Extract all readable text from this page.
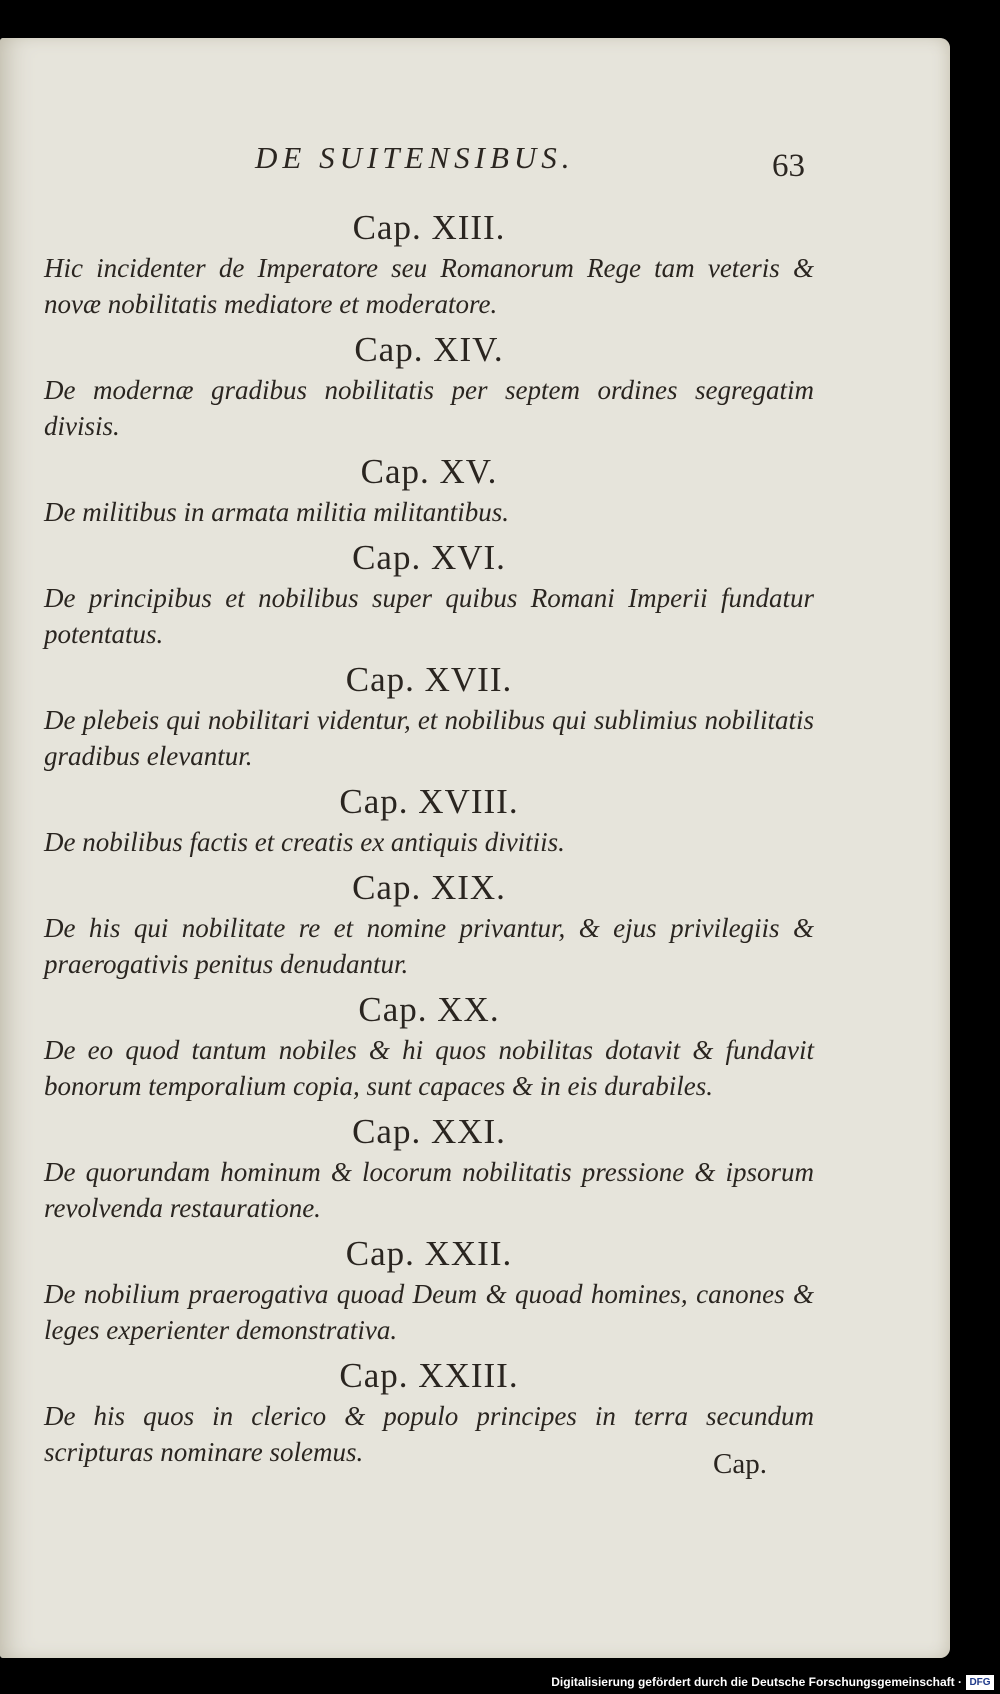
DE SUITENSIBUS.	63

Cap. XIII.

Hic incidenter de Imperatore seu Romanorum Rege tam veteris & novæ nobilitatis mediatore et moderatore.

Cap. XIV.

De modernæ gradibus nobilitatis per septem ordines segregatim divisis.

Cap. XV.

De militibus in armata militia militantibus.

Cap. XVI.

De principibus et nobilibus super quibus Romani Imperii fundatur potentatus.

Cap. XVII.

De plebeis qui nobilitari videntur, et nobilibus qui sublimius nobilitatis gradibus elevantur.

Cap. XVIII.

De nobilibus factis et creatis ex antiquis divitiis.

Cap. XIX.

De his qui nobilitate re et nomine privantur, & ejus privilegiis & praerogativis penitus denudantur.

Cap. XX.

De eo quod tantum nobiles & hi quos nobilitas dotavit & fundavit bonorum temporalium copia, sunt capaces & in eis durabiles.

Cap. XXI.

De quorundam hominum & locorum nobilitatis pressione & ipsorum revolvenda restauratione.

Cap. XXII.

De nobilium praerogativa quoad Deum & quoad homines, canones & leges experienter demonstrativa.

Cap. XXIII.

De his quos in clerico & populo principes in terra secundum scripturas nominare solemus.	Cap.
Digitalisierung gefördert durch die Deutsche Forschungsgemeinschaft · DFG
